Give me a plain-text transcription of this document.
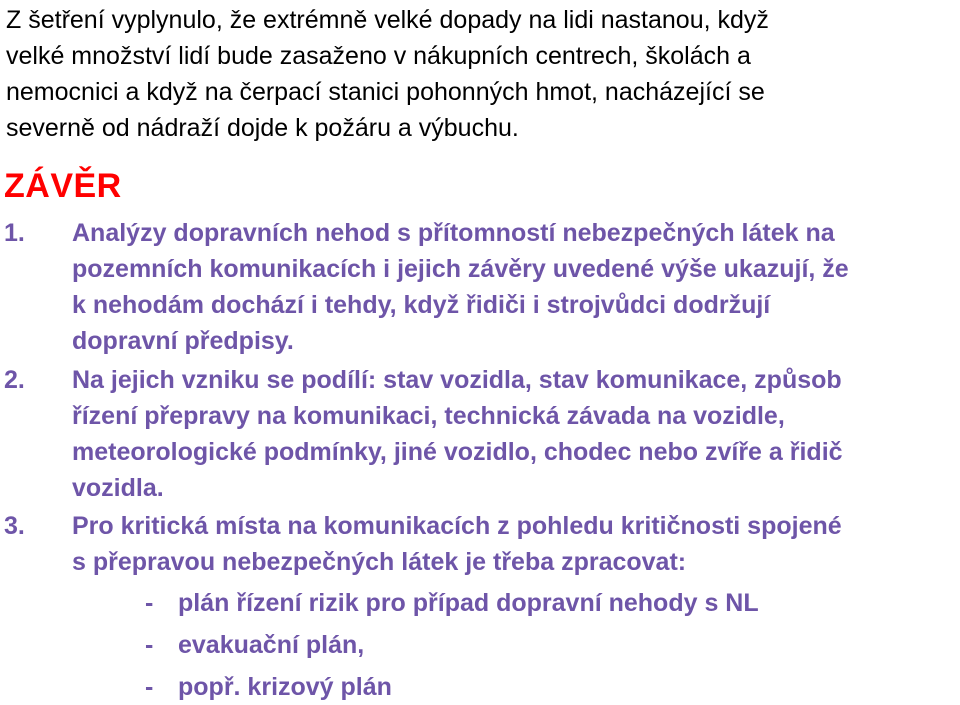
Z šetření vyplynulo, že extrémně velké dopady na lidi nastanou, když
velké množství lidí bude zasaženo v nákupních centrech, školách a
nemocnici a když na čerpací stanici pohonných hmot, nacházející se
severně od nádraží dojde k požáru a výbuchu.

ZÁVĚR
1.	Analýzy dopravních nehod s přítomností nebezpečných látek na
pozemních komunikacích i jejich závěry uvedené výše ukazují, že
k nehodám dochází i tehdy, když řidiči i strojvůdci dodržují
dopravní předpisy.
2.	Na jejich vzniku se podílí: stav vozidla, stav komunikace, způsob
řízení přepravy na komunikaci, technická závada na vozidle,
meteorologické podmínky, jiné vozidlo, chodec nebo zvíře a řidič
vozidla.
3.	Pro kritická místa na komunikacích z pohledu kritičnosti spojené
s přepravou nebezpečných látek je třeba zpracovat:
- plán řízení rizik pro případ dopravní nehody s NL
- evakuační plán,
- popř. krizový plán
